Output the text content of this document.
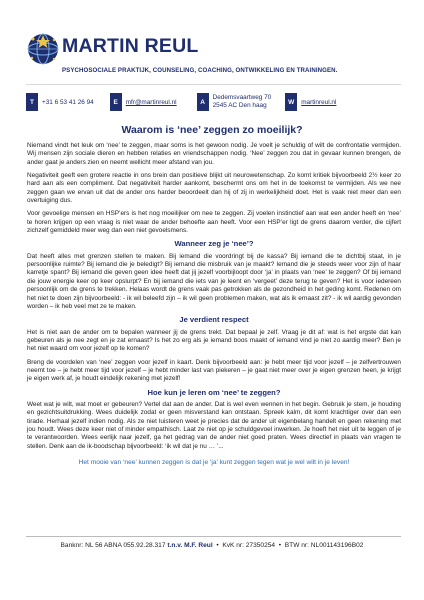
MARTIN REUL
PSYCHOSOCIALE PRAKTIJK, COUNSELING, COACHING, ONTWIKKELING EN TRAININGEN.
T	+31 6 53 41 26 94	E	mfr@martinreul.nl	A
Dedemsvaartweg 70
2545 AC Den haag	W	martinreul.nl
Waarom is ‘nee’ zeggen zo moeilijk?

Niemand vindt het leuk om ‘nee’ te zeggen, maar soms is het gewoon nodig. Je voelt je schuldig of wilt de confrontatie vermijden. Wij mensen zijn sociale dieren en hebben relaties en vriendschappen nodig. ‘Nee’ zeggen zou dat in gevaar kunnen brengen, de ander gaat je anders zien en neemt wellicht meer afstand van jou.

Negativiteit geeft een grotere reactie in ons brein dan positieve blijkt uit neurowetenschap. Zo komt kritiek bijvoorbeeld 2½ keer zo hard aan als een compliment. Dat negativiteit harder aankomt, beschermt ons om het in de toekomst te vermijden. Als we nee zeggen gaan we ervan uit dat de ander ons harder beoordeelt dan hij of zij in werkelijkheid doet. Het is vaak niet meer dan een overtuiging dus.

Voor gevoelige mensen en HSP’ers is het nog moeilijker om nee te zeggen. Zij voelen instinctief aan wat een ander heeft en ‘nee’ te horen krijgen op een vraag is niet waar de ander behoefte aan heeft. Voor een HSP’er ligt de grens daarom verder, die cijfert zichzelf gemiddeld meer weg dan een niet gevoelsmens.

Wanneer zeg je ‘nee’?

Dat heeft alles met grenzen stellen te maken. Bij iemand die voordringt bij de kassa? Bij iemand die te dichtbij staat, in je persoonlijke ruimte? Bij iemand die je beledigt? Bij iemand die misbruik van je maakt? Iemand die je steeds weer voor zijn of haar karretje spant? Bij iemand die geven geen idee heeft dat jij jezelf voorbijloopt door ‘ja’ in plaats van ‘nee’ te zeggen? Of bij iemand die jouw energie keer op keer opslurpt? En bij iemand die iets van je leent en ‘vergeet’ deze terug te geven? Het is voor iedereen persoonlijk om de grens te trekken. Helaas wordt de grens vaak pas getrokken als de gezondheid in het geding komt. Redenen om het niet te doen zijn bijvoorbeeld: - ik wil beleefd zijn – ik wil geen problemen maken, wat als ik ernaast zit? - ik wil aardig gevonden worden – ik heb veel met ze te maken.

Je verdient respect

Het is niet aan de ander om te bepalen wanneer jij de grens trekt. Dat bepaal je zelf. Vraag je dit af: wat is het ergste dat kan gebeuren als je nee zegt en je zat ernaast? Is het zo erg als je iemand boos maakt of iemand vind je niet zo aardig meer? Ben je het niet waard om voor jezelf op te komen?

Breng de voordelen van ‘nee’ zeggen voor jezelf in kaart. Denk bijvoorbeeld aan: je hebt meer tijd voor jezelf – je zelfvertrouwen neemt toe – je hebt meer tijd voor jezelf – je hebt minder last van piekeren – je gaat niet meer over je eigen grenzen heen, je krijgt je eigen werk af, je houdt eindelijk rekening met jezelf!

Hoe kun je leren om ‘nee’ te zeggen?

Weet wat je wilt, wat moet er gebeuren? Vertel dat aan de ander. Dat is wel even wennen in het begin. Gebruik je stem, je houding en gezichtsuitdrukking. Wees duidelijk zodat er geen misverstand kan ontstaan. Spreek kalm, dit komt krachtiger over dan een tirade. Herhaal jezelf indien nodig. Als ze niet luisteren weet je precies dat de ander uit eigenbelang handelt en geen rekening met jou houdt. Wees deze keer niet of minder empathisch. Laat ze niet op je schuldgevoel inwerken. Je hoeft het niet uit te leggen of je te verantwoorden. Wees eerlijk naar jezelf, ga het gedrag van de ander niet goed praten. Wees directief in plaats van vragen te stellen. Denk aan de ik-boodschap bijvoorbeeld: ‘ik wil dat je nu … ’...

Het mooie van ‘nee’ kunnen zeggen is dat je ‘ja’ kunt zeggen tegen wat je wel wilt in je leven!
Banknr: NL 56 ABNA 055.92.28.317 t.n.v. M.F. Reul • KvK nr: 27350254 • BTW nr: NL001143196B02
